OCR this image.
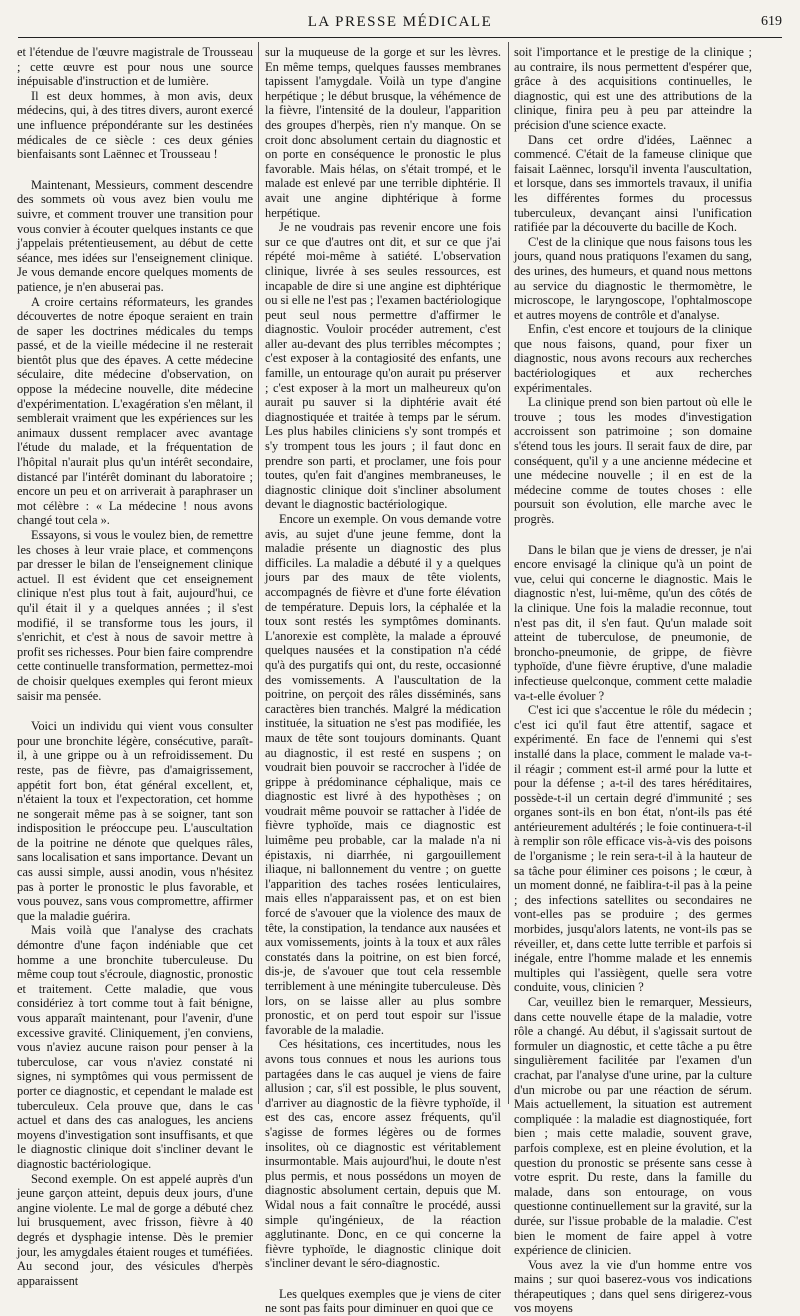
LA PRESSE MÉDICALE	619

et l'étendue de l'œuvre magistrale de Trousseau ; cette œuvre est pour nous une source inépuisable d'instruction et de lumière.

Il est deux hommes, à mon avis, deux médecins, qui, à des titres divers, auront exercé une influence prépondérante sur les destinées médicales de ce siècle : ces deux génies bienfaisants sont Laënnec et Trousseau !

Maintenant, Messieurs, comment descendre des sommets où vous avez bien voulu me suivre, et comment trouver une transition pour vous convier à écouter quelques instants ce que j'appelais prétentieusement, au début de cette séance, mes idées sur l'enseignement clinique. Je vous demande encore quelques moments de patience, je n'en abuserai pas.

A croire certains réformateurs, les grandes découvertes de notre époque seraient en train de saper les doctrines médicales du temps passé, et de la vieille médecine il ne resterait bientôt plus que des épaves. A cette médecine séculaire, dite médecine d'observation, on oppose la médecine nouvelle, dite médecine d'expérimentation. L'exagération s'en mêlant, il semblerait vraiment que les expériences sur les animaux dussent remplacer avec avantage l'étude du malade, et la fréquentation de l'hôpital n'aurait plus qu'un intérêt secondaire, distancé par l'intérêt dominant du laboratoire ; encore un peu et on arriverait à paraphraser un mot célèbre : « La médecine ! nous avons changé tout cela ».

Essayons, si vous le voulez bien, de remettre les choses à leur vraie place, et commençons par dresser le bilan de l'enseignement clinique actuel. Il est évident que cet enseignement clinique n'est plus tout à fait, aujourd'hui, ce qu'il était il y a quelques années ; il s'est modifié, il se transforme tous les jours, il s'enrichit, et c'est à nous de savoir mettre à profit ses richesses. Pour bien faire comprendre cette continuelle transformation, permettez-moi de choisir quelques exemples qui feront mieux saisir ma pensée.

Voici un individu qui vient vous consulter pour une bronchite légère, consécutive, paraît-il, à une grippe ou à un refroidissement. Du reste, pas de fièvre, pas d'amaigrissement, appétit fort bon, état général excellent, et, n'étaient la toux et l'expectoration, cet homme ne songerait même pas à se soigner, tant son indisposition le préoccupe peu. L'auscultation de la poitrine ne dénote que quelques râles, sans localisation et sans importance. Devant un cas aussi simple, aussi anodin, vous n'hésitez pas à porter le pronostic le plus favorable, et vous pouvez, sans vous compromettre, affirmer que la maladie guérira.

Mais voilà que l'analyse des crachats démontre d'une façon indéniable que cet homme a une bronchite tuberculeuse. Du même coup tout s'écroule, diagnostic, pronostic et traitement. Cette maladie, que vous considériez à tort comme tout à fait bénigne, vous apparaît maintenant, pour l'avenir, d'une excessive gravité. Cliniquement, j'en conviens, vous n'aviez aucune raison pour penser à la tuberculose, car vous n'aviez constaté ni signes, ni symptômes qui vous permissent de porter ce diagnostic, et cependant le malade est tuberculeux. Cela prouve que, dans le cas actuel et dans des cas analogues, les anciens moyens d'investigation sont insuffisants, et que le diagnostic clinique doit s'incliner devant le diagnostic bactériologique.

Second exemple. On est appelé auprès d'un jeune garçon atteint, depuis deux jours, d'une angine violente. Le mal de gorge a débuté chez lui brusquement, avec frisson, fièvre à 40 degrés et dysphagie intense. Dès le premier jour, les amygdales étaient rouges et tuméfiées. Au second jour, des vésicules d'herpès apparaissent

sur la muqueuse de la gorge et sur les lèvres. En même temps, quelques fausses membranes tapissent l'amygdale. Voilà un type d'angine herpétique ; le début brusque, la véhémence de la fièvre, l'intensité de la douleur, l'apparition des groupes d'herpès, rien n'y manque. On se croit donc absolument certain du diagnostic et on porte en conséquence le pronostic le plus favorable. Mais hélas, on s'était trompé, et le malade est enlevé par une terrible diphtérie. Il avait une angine diphtérique à forme herpétique.

Je ne voudrais pas revenir encore une fois sur ce que d'autres ont dit, et sur ce que j'ai répété moi-même à satiété. L'observation clinique, livrée à ses seules ressources, est incapable de dire si une angine est diphtérique ou si elle ne l'est pas ; l'examen bactériologique peut seul nous permettre d'affirmer le diagnostic. Vouloir procéder autrement, c'est aller au-devant des plus terribles mécomptes ; c'est exposer à la contagiosité des enfants, une famille, un entourage qu'on aurait pu préserver ; c'est exposer à la mort un malheureux qu'on aurait pu sauver si la diphtérie avait été diagnostiquée et traitée à temps par le sérum. Les plus habiles cliniciens s'y sont trompés et s'y trompent tous les jours ; il faut donc en prendre son parti, et proclamer, une fois pour toutes, qu'en fait d'angines membraneuses, le diagnostic clinique doit s'incliner absolument devant le diagnostic bactériologique.

Encore un exemple. On vous demande votre avis, au sujet d'une jeune femme, dont la maladie présente un diagnostic des plus difficiles. La maladie a débuté il y a quelques jours par des maux de tête violents, accompagnés de fièvre et d'une forte élévation de température. Depuis lors, la céphalée et la toux sont restés les symptômes dominants. L'anorexie est complète, la malade a éprouvé quelques nausées et la constipation n'a cédé qu'à des purgatifs qui ont, du reste, occasionné des vomissements. A l'auscultation de la poitrine, on perçoit des râles disséminés, sans caractères bien tranchés. Malgré la médication instituée, la situation ne s'est pas modifiée, les maux de tête sont toujours dominants. Quant au diagnostic, il est resté en suspens ; on voudrait bien pouvoir se raccrocher à l'idée de grippe à prédominance céphalique, mais ce diagnostic est livré à des hypothèses ; on voudrait même pouvoir se rattacher à l'idée de fièvre typhoïde, mais ce diagnostic est luimême peu probable, car la malade n'a ni épistaxis, ni diarrhée, ni gargouillement iliaque, ni ballonnement du ventre ; on guette l'apparition des taches rosées lenticulaires, mais elles n'apparaissent pas, et on est bien forcé de s'avouer que la violence des maux de tête, la constipation, la tendance aux nausées et aux vomissements, joints à la toux et aux râles constatés dans la poitrine, on est bien forcé, dis-je, de s'avouer que tout cela ressemble terriblement à une méningite tuberculeuse. Dès lors, on se laisse aller au plus sombre pronostic, et on perd tout espoir sur l'issue favorable de la maladie.

Ces hésitations, ces incertitudes, nous les avons tous connues et nous les aurions tous partagées dans le cas auquel je viens de faire allusion ; car, s'il est possible, le plus souvent, d'arriver au diagnostic de la fièvre typhoïde, il est des cas, encore assez fréquents, qu'il s'agisse de formes légères ou de formes insolites, où ce diagnostic est véritablement insurmontable. Mais aujourd'hui, le doute n'est plus permis, et nous possédons un moyen de diagnostic absolument certain, depuis que M. Widal nous a fait connaître le procédé, aussi simple qu'ingénieux, de la réaction agglutinante. Donc, en ce qui concerne la fièvre typhoïde, le diagnostic clinique doit s'incliner devant le séro-diagnostic.

Les quelques exemples que je viens de citer ne sont pas faits pour diminuer en quoi que ce

soit l'importance et le prestige de la clinique ; au contraire, ils nous permettent d'espérer que, grâce à des acquisitions continuelles, le diagnostic, qui est une des attributions de la clinique, finira peu à peu par atteindre la précision d'une science exacte.

Dans cet ordre d'idées, Laënnec a commencé. C'était de la fameuse clinique que faisait Laënnec, lorsqu'il inventa l'auscultation, et lorsque, dans ses immortels travaux, il unifia les différentes formes du processus tuberculeux, devançant ainsi l'unification ratifiée par la découverte du bacille de Koch.

C'est de la clinique que nous faisons tous les jours, quand nous pratiquons l'examen du sang, des urines, des humeurs, et quand nous mettons au service du diagnostic le thermomètre, le microscope, le laryngoscope, l'ophtalmoscope et autres moyens de contrôle et d'analyse.

Enfin, c'est encore et toujours de la clinique que nous faisons, quand, pour fixer un diagnostic, nous avons recours aux recherches bactériologiques et aux recherches expérimentales.

La clinique prend son bien partout où elle le trouve ; tous les modes d'investigation accroissent son patrimoine ; son domaine s'étend tous les jours. Il serait faux de dire, par conséquent, qu'il y a une ancienne médecine et une médecine nouvelle ; il en est de la médecine comme de toutes choses : elle poursuit son évolution, elle marche avec le progrès.

Dans le bilan que je viens de dresser, je n'ai encore envisagé la clinique qu'à un point de vue, celui qui concerne le diagnostic. Mais le diagnostic n'est, lui-même, qu'un des côtés de la clinique. Une fois la maladie reconnue, tout n'est pas dit, il s'en faut. Qu'un malade soit atteint de tuberculose, de pneumonie, de broncho-pneumonie, de grippe, de fièvre typhoïde, d'une fièvre éruptive, d'une maladie infectieuse quelconque, comment cette maladie va-t-elle évoluer ?

C'est ici que s'accentue le rôle du médecin ; c'est ici qu'il faut être attentif, sagace et expérimenté. En face de l'ennemi qui s'est installé dans la place, comment le malade va-t-il réagir ; comment est-il armé pour la lutte et pour la défense ; a-t-il des tares héréditaires, possède-t-il un certain degré d'immunité ; ses organes sont-ils en bon état, n'ont-ils pas été antérieurement adultérés ; le foie continuera-t-il à remplir son rôle efficace vis-à-vis des poisons de l'organisme ; le rein sera-t-il à la hauteur de sa tâche pour éliminer ces poisons ; le cœur, à un moment donné, ne faiblira-t-il pas à la peine ; des infections satellites ou secondaires ne vont-elles pas se produire ; des germes morbides, jusqu'alors latents, ne vont-ils pas se réveiller, et, dans cette lutte terrible et parfois si inégale, entre l'homme malade et les ennemis multiples qui l'assiègent, quelle sera votre conduite, vous, clinicien ?

Car, veuillez bien le remarquer, Messieurs, dans cette nouvelle étape de la maladie, votre rôle a changé. Au début, il s'agissait surtout de formuler un diagnostic, et cette tâche a pu être singulièrement facilitée par l'examen d'un crachat, par l'analyse d'une urine, par la culture d'un microbe ou par une réaction de sérum. Mais actuellement, la situation est autrement compliquée : la maladie est diagnostiquée, fort bien ; mais cette maladie, souvent grave, parfois complexe, est en pleine évolution, et la question du pronostic se présente sans cesse à votre esprit. Du reste, dans la famille du malade, dans son entourage, on vous questionne continuellement sur la gravité, sur la durée, sur l'issue probable de la maladie. C'est bien le moment de faire appel à votre expérience de clinicien.

Vous avez la vie d'un homme entre vos mains ; sur quoi baserez-vous vos indications thérapeutiques ; dans quel sens dirigerez-vous vos moyens
